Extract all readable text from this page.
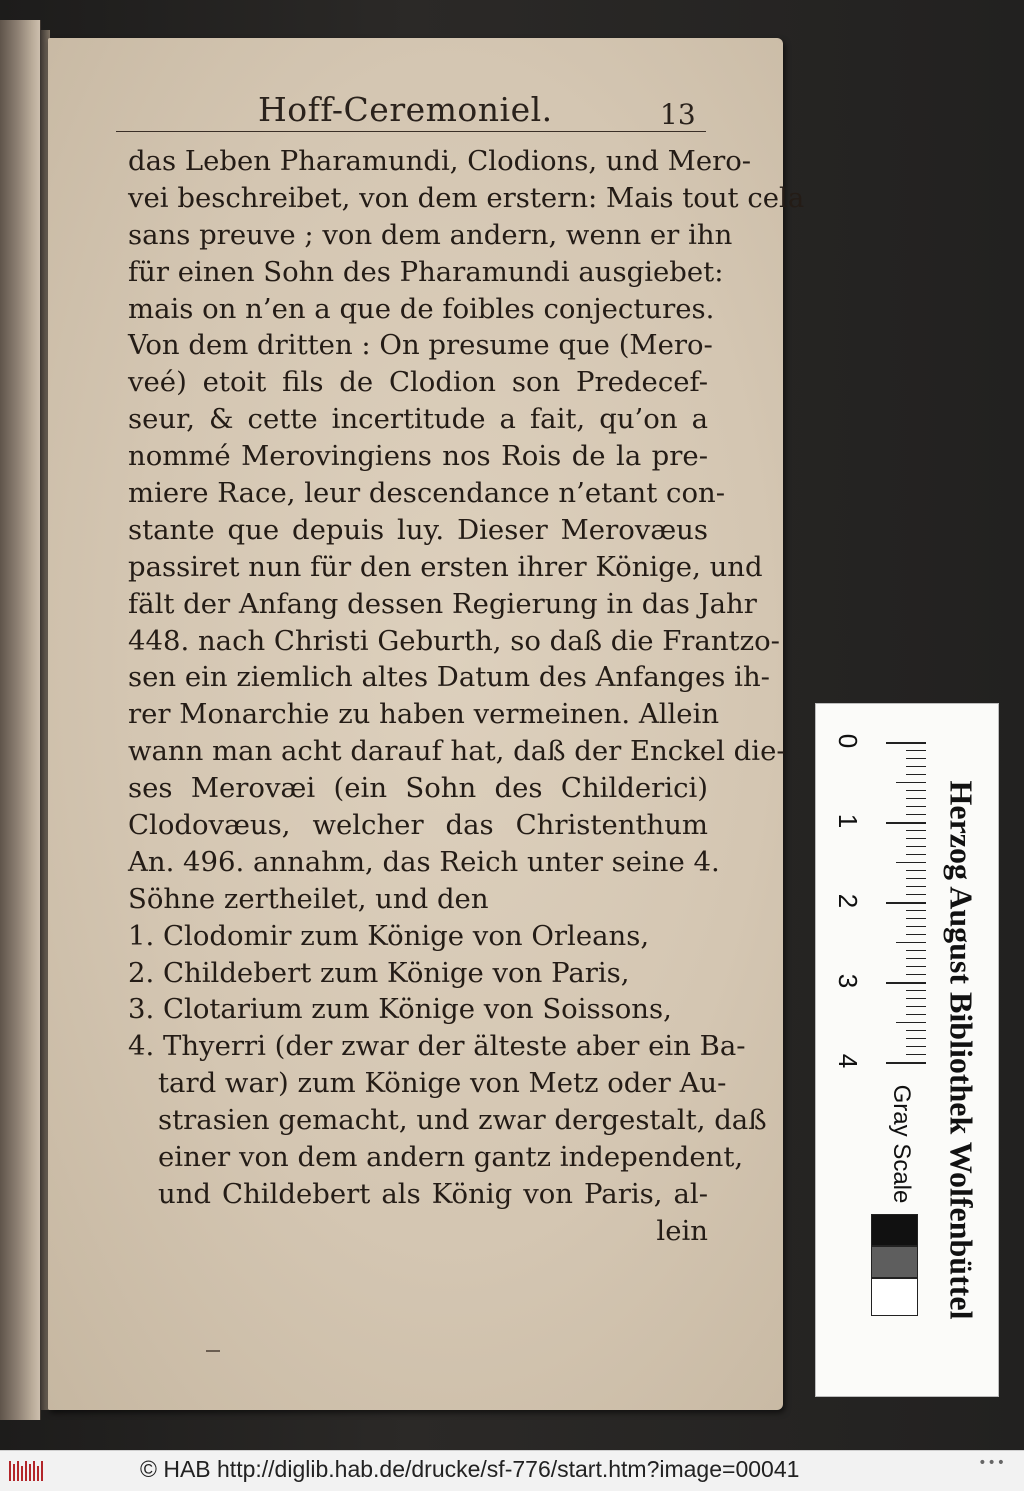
Hoff-Ceremoniel.	13
das Leben Pharamundi, Clodions, und Mero-
vei beschreibet, von dem erstern: Mais tout cela
sans preuve ; von dem andern, wenn er ihn
für einen Sohn des Pharamundi ausgiebet:
mais on n’en a que de foibles conjectures.
Von dem dritten : On presume que (Mero-
veé) etoit fils de Clodion son Predecef-
seur, & cette incertitude a fait, qu’on a
nommé Merovingiens nos Rois de la pre-
miere Race, leur descendance n’etant con-
stante que depuis luy. Dieser Merovæus
passiret nun für den ersten ihrer Könige, und
fält der Anfang dessen Regierung in das Jahr
448. nach Christi Geburth, so daß die Frantzo-
sen ein ziemlich altes Datum des Anfanges ih-
rer Monarchie zu haben vermeinen. Allein
wann man acht darauf hat, daß der Enckel die-
ses Merovæi (ein Sohn des Childerici)
Clodovæus, welcher das Christenthum
An. 496. annahm, das Reich unter seine 4.
Söhne zertheilet, und den
1. Clodomir zum Könige von Orleans,
2. Childebert zum Könige von Paris,
3. Clotarium zum Könige von Soissons,
4. Thyerri (der zwar der älteste aber ein Ba-
tard war) zum Könige von Metz oder Au-
strasien gemacht, und zwar dergestalt, daß
einer von dem andern gantz independent,
und Childebert als König von Paris, al-
lein	Herzog August Bibliothek Wolfenbüttel
0
1
2
3
4
Gray Scale
© HAB http://diglib.hab.de/drucke/sf-776/start.htm?image=00041	•••
